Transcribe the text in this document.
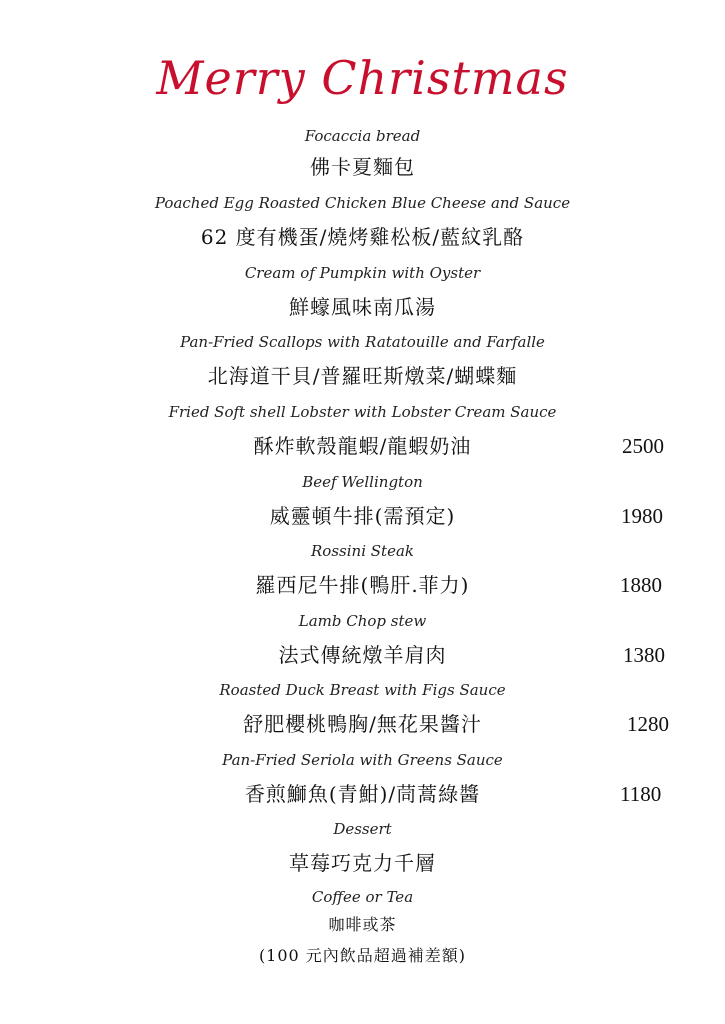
Merry Christmas
Focaccia bread
佛卡夏麵包
Poached Egg Roasted Chicken Blue Cheese and Sauce
62 度有機蛋/燒烤雞松板/藍紋乳酪
Cream of Pumpkin with Oyster
鮮蠔風味南瓜湯
Pan-Fried Scallops with Ratatouille and Farfalle
北海道干貝/普羅旺斯燉菜/蝴蝶麵
Fried Soft shell Lobster with Lobster Cream Sauce
酥炸軟殼龍蝦/龍蝦奶油	2500
Beef Wellington
威靈頓牛排(需預定)	1980
Rossini Steak
羅西尼牛排(鴨肝.菲力)	1880
Lamb Chop stew
法式傳統燉羊肩肉	1380
Roasted Duck Breast with Figs Sauce
舒肥櫻桃鴨胸/無花果醬汁	1280
Pan-Fried Seriola with Greens Sauce
香煎鰤魚(青魽)/茼蒿綠醬	1180
Dessert
草莓巧克力千層
Coffee or Tea
咖啡或茶
(100 元內飲品超過補差額)
